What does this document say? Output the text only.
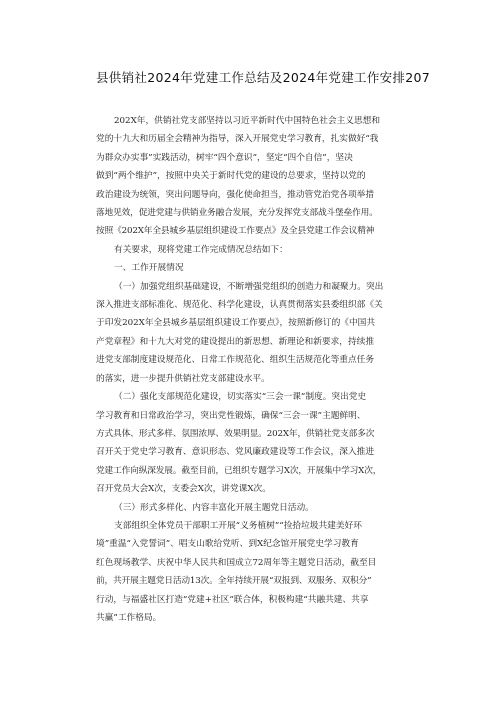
县供销社2024年党建工作总结及2024年党建工作安排207

202X年，供销社党支部坚持以习近平新时代中国特色社会主义思想和

党的十九大和历届全会精神为指导，深入开展党史学习教育，扎实做好“我

为群众办实事”实践活动，树牢“四个意识”，坚定“四个自信”，坚决

做到“两个维护”，按照中央关于新时代党的建设的总要求，坚持以党的

政治建设为统领，突出问题导向，强化使命担当，推动管党治党各项举措

落地见效，促进党建与供销业务融合发展，充分发挥党支部战斗堡垒作用。

按照《202X年全县城乡基层组织建设工作要点》及全县党建工作会议精神

有关要求，现将党建工作完成情况总结如下：

一、工作开展情况

（一）加强党组织基础建设，不断增强党组织的创造力和凝聚力。突出

深入推进支部标准化、规范化、科学化建设，认真贯彻落实县委组织部《关

于印发202X年全县城乡基层组织建设工作要点》，按照新修订的《中国共

产党章程》和十九大对党的建设提出的新思想、新理论和新要求，持续推

进党支部制度建设规范化、日常工作规范化、组织生活规范化等重点任务

的落实，进一步提升供销社党支部建设水平。

（二）强化支部规范化建设，切实落实“三会一课”制度。突出党史

学习教育和日常政治学习，突出党性锻炼，确保“三会一课”主题鲜明、

方式具体、形式多样、氛围浓厚、效果明显。202X年，供销社党支部多次

召开关于党史学习教育、意识形态、党风廉政建设等工作会议，深入推进

党建工作向纵深发展。截至目前，已组织专题学习X次，开展集中学习X次，

召开党员大会X次，支委会X次，讲党课X次。

（三）形式多样化、内容丰富化开展主题党日活动。

支部组织全体党员干部职工开展“义务植树”“捡拾垃圾共建美好环

境”重温“入党誓词”、唱支山歌给党听、到X纪念馆开展党史学习教育

红色现场教学、庆祝中华人民共和国成立72周年等主题党日活动，截至目

前，共开展主题党日活动13次。全年持续开展“双报到、双服务、双积分”

行动，与福盛社区打造“党建+社区”联合体，积极构建“共融共建、共享

共赢”工作格局。
